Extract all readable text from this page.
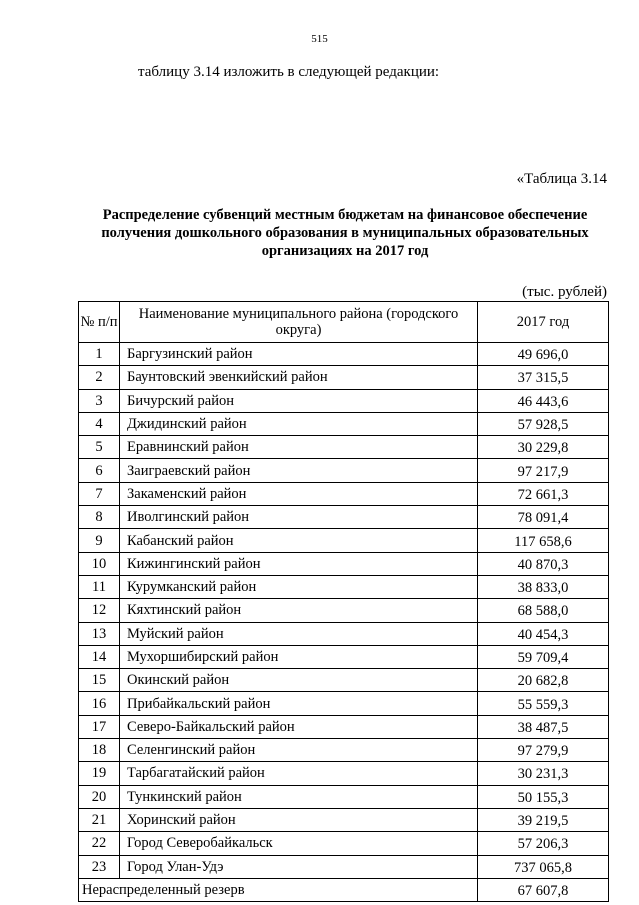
515
таблицу 3.14 изложить в следующей редакции:
«Таблица 3.14
Распределение субвенций местным бюджетам на финансовое обеспечение получения дошкольного образования в муниципальных образовательных организациях на 2017 год
(тыс. рублей)
№ п/п	Наименование муниципального района (городского округа)	2017 год
1	Баргузинский район	49 696,0
2	Баунтовский эвенкийский район	37 315,5
3	Бичурский район	46 443,6
4	Джидинский район	57 928,5
5	Еравнинский район	30 229,8
6	Заиграевский район	97 217,9
7	Закаменский район	72 661,3
8	Иволгинский район	78 091,4
9	Кабанский район	117 658,6
10	Кижингинский район	40 870,3
11	Курумканский район	38 833,0
12	Кяхтинский район	68 588,0
13	Муйский район	40 454,3
14	Мухоршибирский район	59 709,4
15	Окинский район	20 682,8
16	Прибайкальский район	55 559,3
17	Северо-Байкальский район	38 487,5
18	Селенгинский район	97 279,9
19	Тарбагатайский район	30 231,3
20	Тункинский район	50 155,3
21	Хоринский район	39 219,5
22	Город Северобайкальск	57 206,3
23	Город Улан-Удэ	737 065,8
Нераспределенный резерв		67 607,8
